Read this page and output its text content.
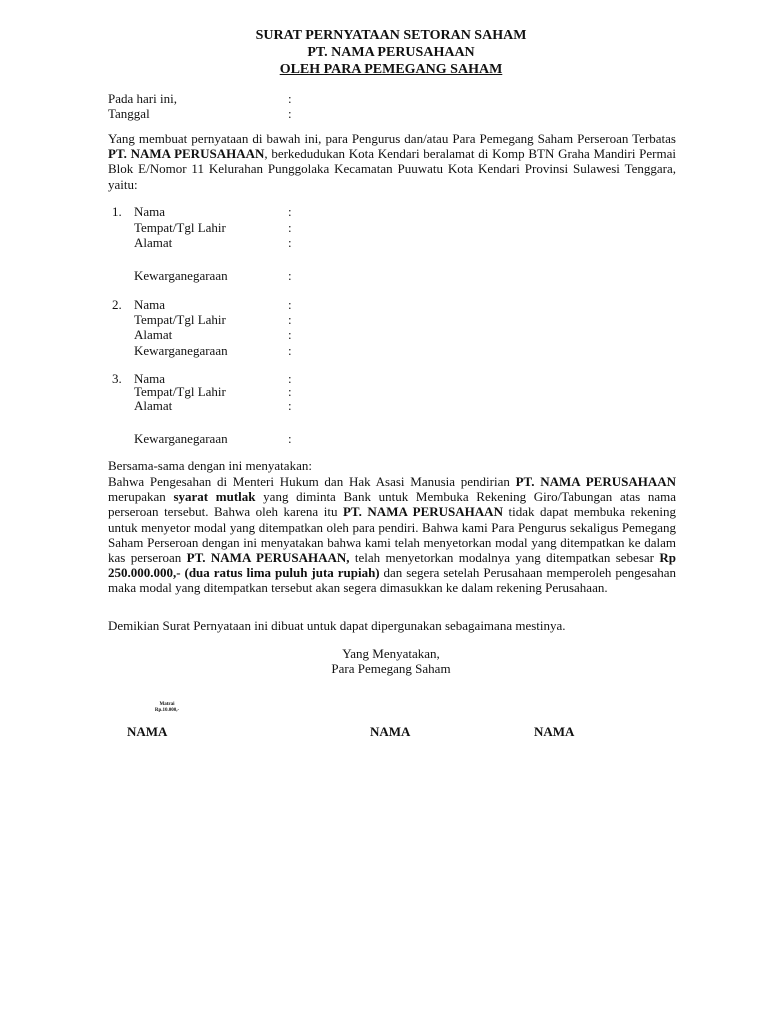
SURAT PERNYATAAN SETORAN SAHAM
PT. NAMA PERUSAHAAN
OLEH PARA PEMEGANG SAHAM
Pada hari ini,	:
Tanggal	:
Yang membuat pernyataan di bawah ini, para Pengurus dan/atau Para Pemegang Saham Perseroan Terbatas PT. NAMA PERUSAHAAN, berkedudukan Kota Kendari beralamat di Komp BTN Graha Mandiri Permai Blok E/Nomor 11 Kelurahan Punggolaka Kecamatan Puuwatu Kota Kendari Provinsi Sulawesi Tenggara, yaitu:
1. Nama	:
Tempat/Tgl Lahir	:
Alamat	:
Kewarganegaraan	:
2. Nama	:
Tempat/Tgl Lahir	:
Alamat	:
Kewarganegaraan	:
3. Nama	:
Tempat/Tgl Lahir	:
Alamat	:
Kewarganegaraan	:
Bersama-sama dengan ini menyatakan:
Bahwa Pengesahan di Menteri Hukum dan Hak Asasi Manusia pendirian PT. NAMA PERUSAHAAN merupakan syarat mutlak yang diminta Bank untuk Membuka Rekening Giro/Tabungan atas nama perseroan tersebut. Bahwa oleh karena itu PT. NAMA PERUSAHAAN tidak dapat membuka rekening untuk menyetor modal yang ditempatkan oleh para pendiri. Bahwa kami Para Pengurus sekaligus Pemegang Saham Perseroan dengan ini menyatakan bahwa kami telah menyetorkan modal yang ditempatkan ke dalam kas perseroan PT. NAMA PERUSAHAAN, telah menyetorkan modalnya yang ditempatkan sebesar Rp 250.000.000,- (dua ratus lima puluh juta rupiah) dan segera setelah Perusahaan memperoleh pengesahan maka modal yang ditempatkan tersebut akan segera dimasukkan ke dalam rekening Perusahaan.
Demikian Surat Pernyataan ini dibuat untuk dapat dipergunakan sebagaimana mestinya.
Yang Menyatakan,
Para Pemegang Saham
Matrai
Rp.10.000,-
NAMA	NAMA	NAMA
